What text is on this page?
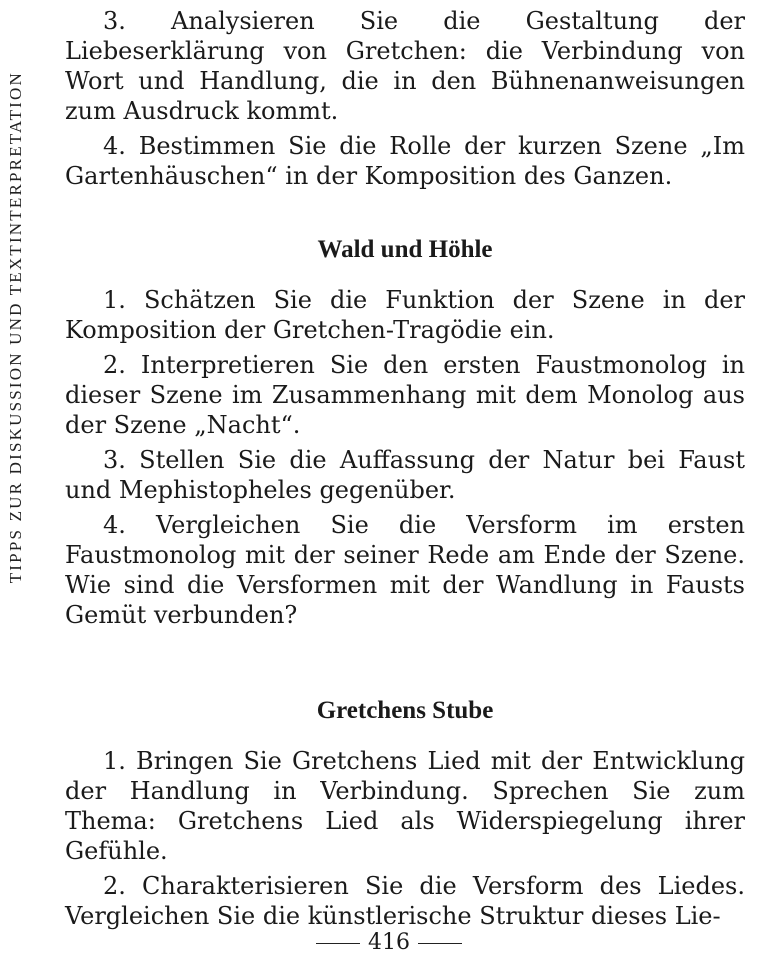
TIPPS ZUR DISKUSSION UND TEXTINTERPRETATION

3. Analysieren Sie die Gestaltung der Liebeserklärung von Gretchen: die Verbindung von Wort und Handlung, die in den Bühnenanweisungen zum Ausdruck kommt.

4. Bestimmen Sie die Rolle der kurzen Szene „Im Gartenhäuschen“ in der Komposition des Ganzen.

Wald und Höhle

1. Schätzen Sie die Funktion der Szene in der Komposition der Gretchen-Tragödie ein.

2. Interpretieren Sie den ersten Faustmonolog in dieser Szene im Zusammenhang mit dem Monolog aus der Szene „Nacht“.

3. Stellen Sie die Auffassung der Natur bei Faust und Mephistopheles gegenüber.

4. Vergleichen Sie die Versform im ersten Faustmonolog mit der seiner Rede am Ende der Szene. Wie sind die Versformen mit der Wandlung in Fausts Gemüt verbunden?

Gretchens Stube

1. Bringen Sie Gretchens Lied mit der Entwicklung der Handlung in Verbindung. Sprechen Sie zum Thema: Gretchens Lied als Widerspiegelung ihrer Gefühle.

2. Charakterisieren Sie die Versform des Liedes. Vergleichen Sie die künstlerische Struktur dieses Lie-

416
